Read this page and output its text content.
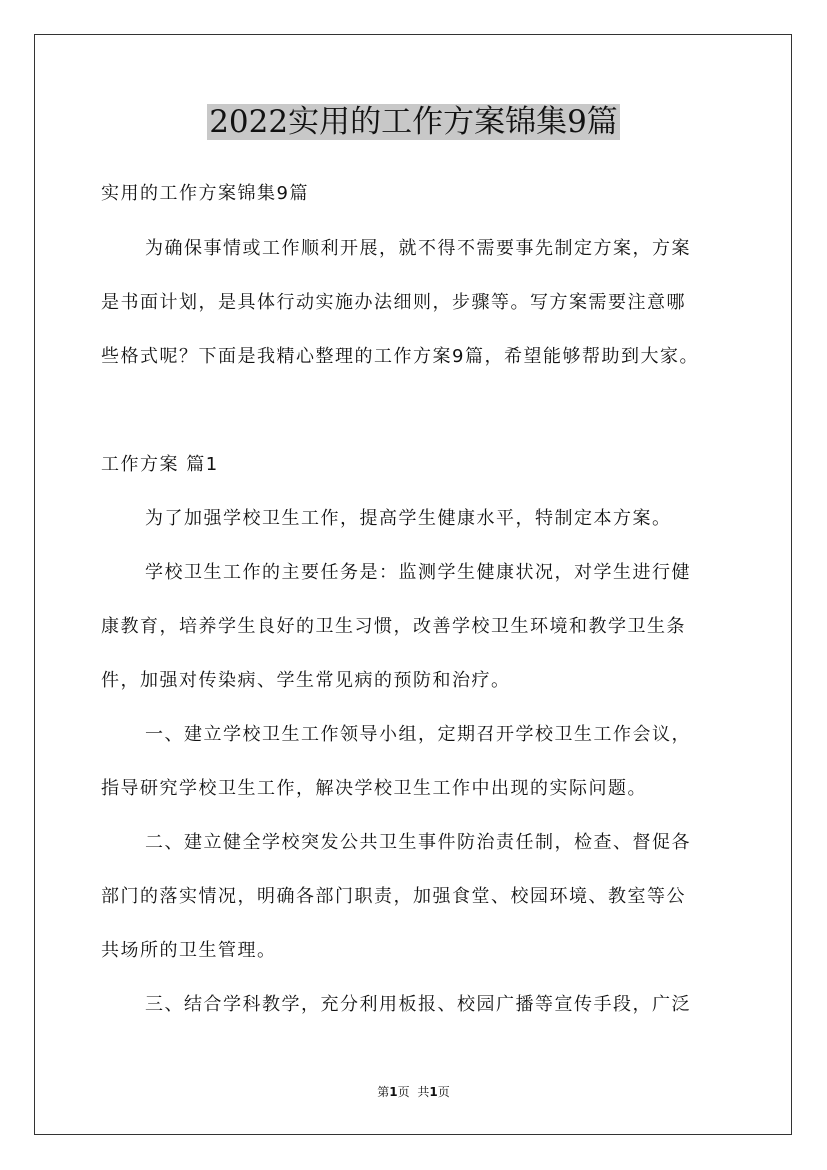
2022实用的工作方案锦集9篇

实用的工作方案锦集9篇

为确保事情或工作顺利开展，就不得不需要事先制定方案，方案

是书面计划，是具体行动实施办法细则，步骤等。写方案需要注意哪

些格式呢？下面是我精心整理的工作方案9篇，希望能够帮助到大家。

工作方案 篇1

为了加强学校卫生工作，提高学生健康水平，特制定本方案。

学校卫生工作的主要任务是：监测学生健康状况，对学生进行健

康教育，培养学生良好的卫生习惯，改善学校卫生环境和教学卫生条

件，加强对传染病、学生常见病的预防和治疗。

一、建立学校卫生工作领导小组，定期召开学校卫生工作会议，

指导研究学校卫生工作，解决学校卫生工作中出现的实际问题。

二、建立健全学校突发公共卫生事件防治责任制，检查、督促各

部门的落实情况，明确各部门职责，加强食堂、校园环境、教室等公

共场所的卫生管理。

三、结合学科教学，充分利用板报、校园广播等宣传手段，广泛

第1页 共1页
